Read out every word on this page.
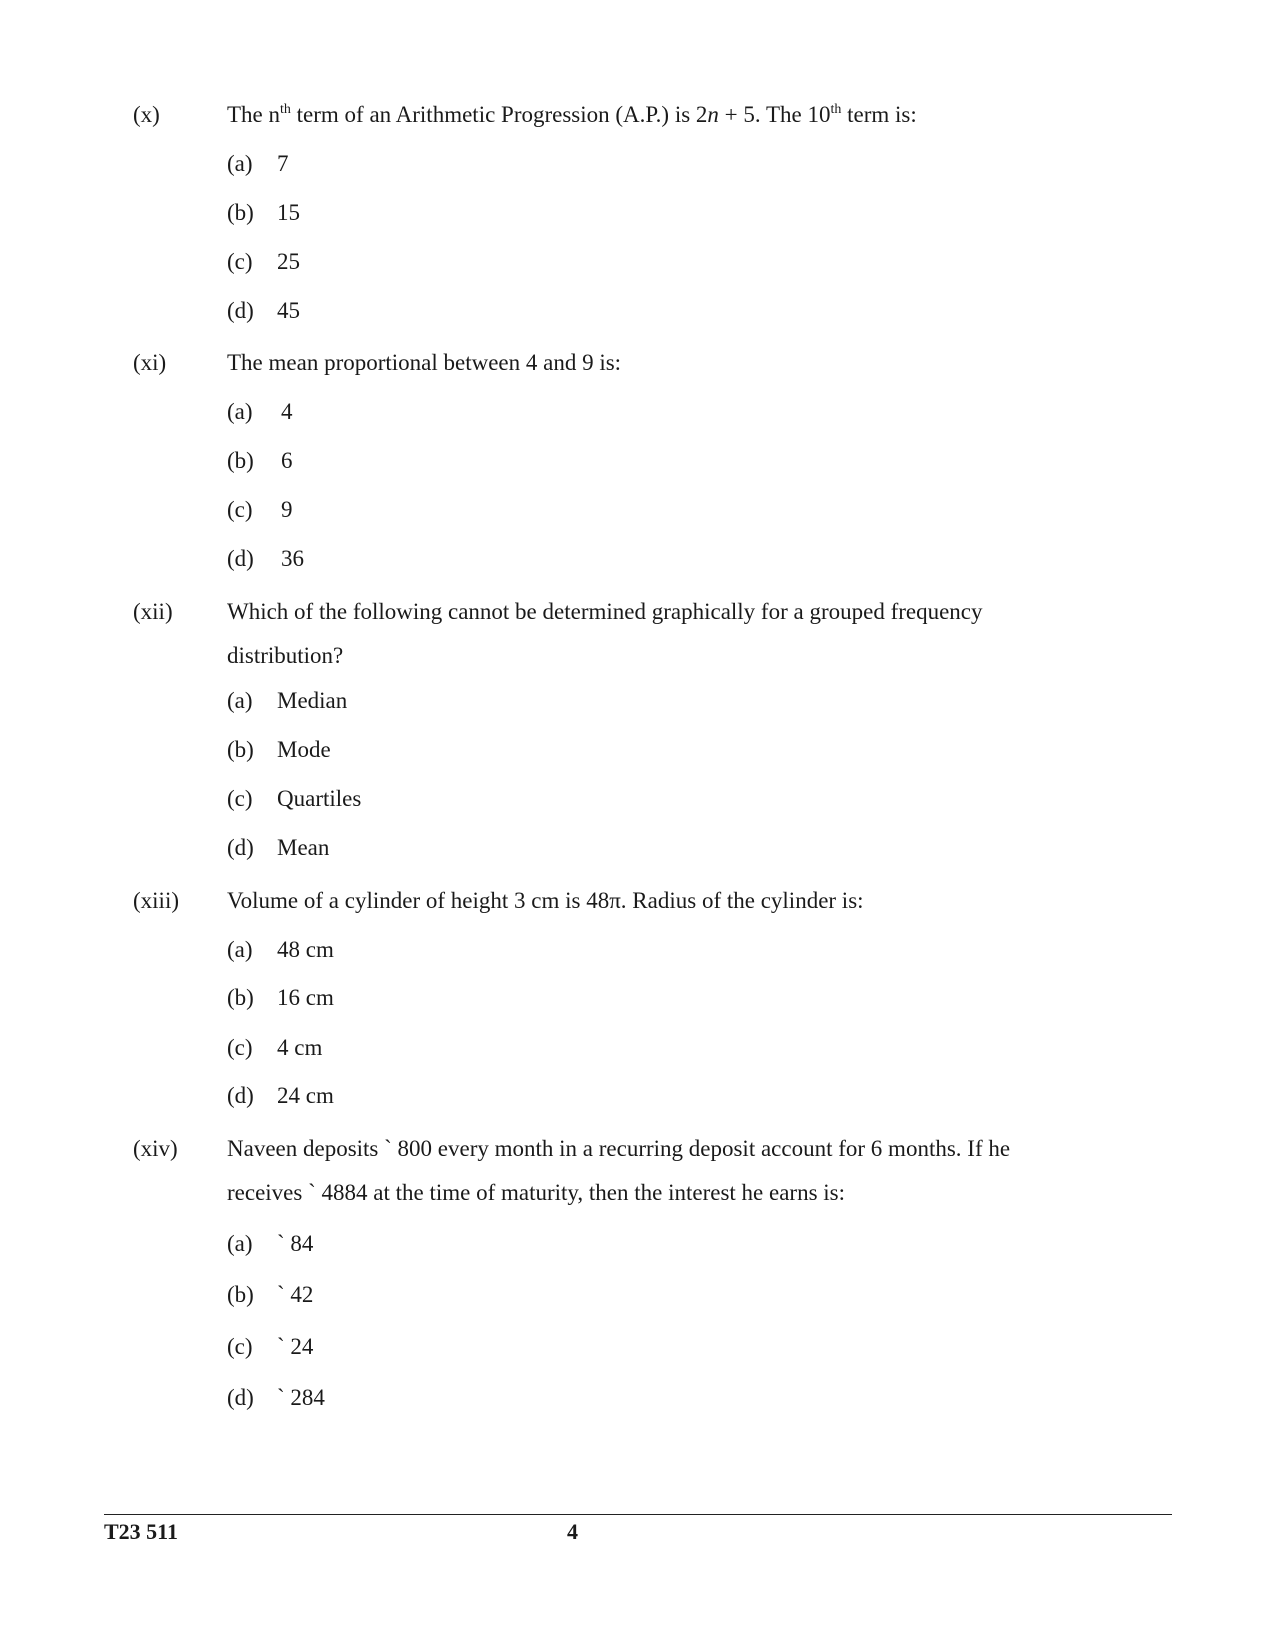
(x)	The $n^{th}$ term of an Arithmetic Progression (A.P.) is 2n + 5. The 10th term is:
(a) 7
(b) 15
(c) 25
(d) 45
(xi)	The mean proportional between 4 and 9 is:
(a) 4
(b) 6
(c) 9
(d) 36
(xii) Which of the following cannot be determined graphically for a grouped frequency distribution?
(a) Median
(b) Mode
(c) Quartiles
(d) Mean
(xiii) Volume of a cylinder of height 3 cm is 48π. Radius of the cylinder is:
(a) 48 cm
(b) 16 cm
(c) 4 cm
(d) 24 cm
(xiv) Naveen deposits ` 800 every month in a recurring deposit account for 6 months. If he receives ` 4884 at the time of maturity, then the interest he earns is:
(a) ` 84
(b) ` 42
(c) ` 24
(d) ` 284
T23 511	4
